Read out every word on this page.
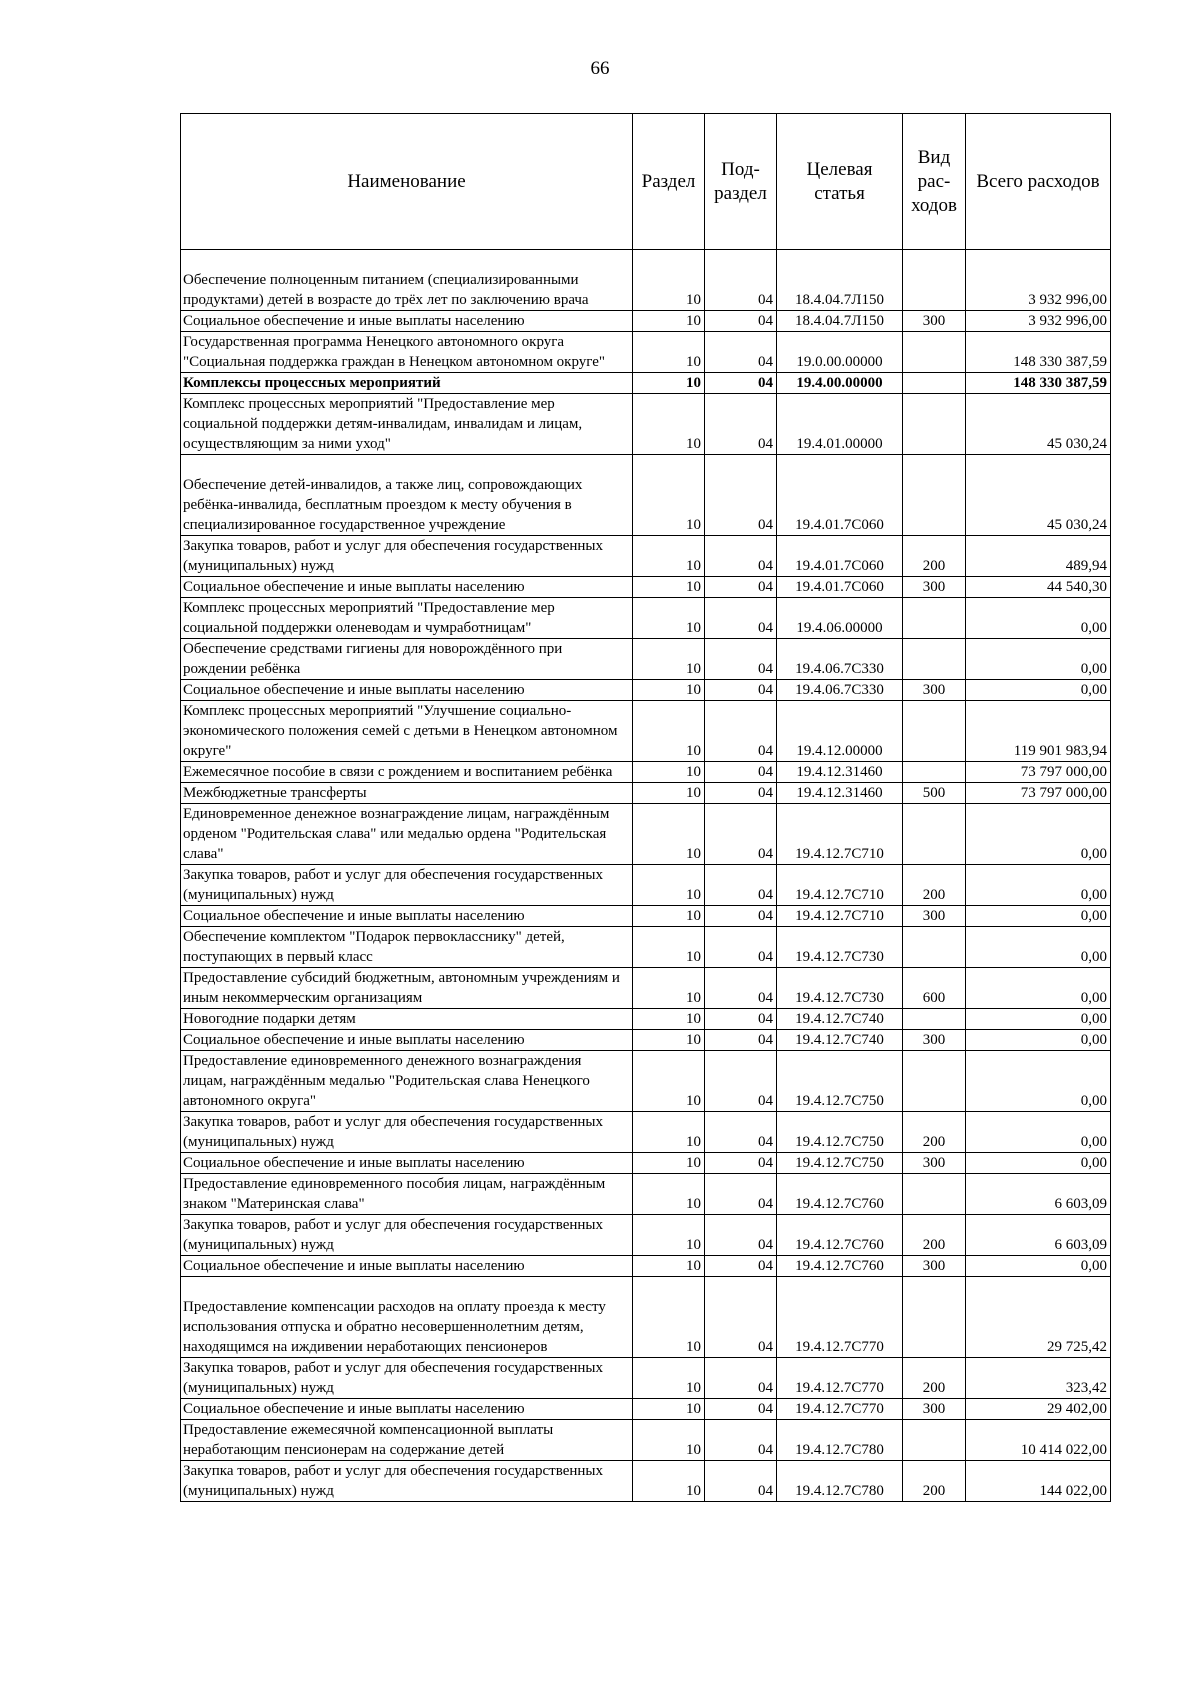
66
Наименование	Раздел	Под-раздел	Целевая статья	Вид рас-ходов	Всего расходов
Обеспечение полноценным питанием (специализированными продуктами) детей в возрасте до трёх лет по заключению врача	10	04	18.4.04.7Л150		3 932 996,00
Социальное обеспечение и иные выплаты населению	10	04	18.4.04.7Л150	300	3 932 996,00
Государственная программа Ненецкого автономного округа "Социальная поддержка граждан в Ненецком автономном округе"	10	04	19.0.00.00000		148 330 387,59
Комплексы процессных мероприятий	10	04	19.4.00.00000		148 330 387,59
Комплекс процессных мероприятий "Предоставление мер социальной поддержки детям-инвалидам, инвалидам и лицам, осуществляющим за ними уход"	10	04	19.4.01.00000		45 030,24
Обеспечение детей-инвалидов, а также лиц, сопровождающих ребёнка-инвалида, бесплатным проездом к месту обучения в специализированное государственное учреждение	10	04	19.4.01.7С060		45 030,24
Закупка товаров, работ и услуг для обеспечения государственных (муниципальных) нужд	10	04	19.4.01.7С060	200	489,94
Социальное обеспечение и иные выплаты населению	10	04	19.4.01.7С060	300	44 540,30
Комплекс процессных мероприятий "Предоставление мер социальной поддержки оленеводам и чумработницам"	10	04	19.4.06.00000		0,00
Обеспечение средствами гигиены для новорождённого при рождении ребёнка	10	04	19.4.06.7С330		0,00
Социальное обеспечение и иные выплаты населению	10	04	19.4.06.7С330	300	0,00
Комплекс процессных мероприятий "Улучшение социально-экономического положения семей с детьми в Ненецком автономном округе"	10	04	19.4.12.00000		119 901 983,94
Ежемесячное пособие в связи с рождением и воспитанием ребёнка	10	04	19.4.12.31460		73 797 000,00
Межбюджетные трансферты	10	04	19.4.12.31460	500	73 797 000,00
Единовременное денежное вознаграждение лицам, награждённым орденом "Родительская слава" или медалью ордена "Родительская слава"	10	04	19.4.12.7С710		0,00
Закупка товаров, работ и услуг для обеспечения государственных (муниципальных) нужд	10	04	19.4.12.7С710	200	0,00
Социальное обеспечение и иные выплаты населению	10	04	19.4.12.7С710	300	0,00
Обеспечение комплектом "Подарок первокласснику" детей, поступающих в первый класс	10	04	19.4.12.7С730		0,00
Предоставление субсидий бюджетным, автономным учреждениям и иным некоммерческим организациям	10	04	19.4.12.7С730	600	0,00
Новогодние подарки детям	10	04	19.4.12.7С740		0,00
Социальное обеспечение и иные выплаты населению	10	04	19.4.12.7С740	300	0,00
Предоставление единовременного денежного вознаграждения лицам, награждённым медалью "Родительская слава Ненецкого автономного округа"	10	04	19.4.12.7С750		0,00
Закупка товаров, работ и услуг для обеспечения государственных (муниципальных) нужд	10	04	19.4.12.7С750	200	0,00
Социальное обеспечение и иные выплаты населению	10	04	19.4.12.7С750	300	0,00
Предоставление единовременного пособия лицам, награждённым знаком "Материнская слава"	10	04	19.4.12.7С760		6 603,09
Закупка товаров, работ и услуг для обеспечения государственных (муниципальных) нужд	10	04	19.4.12.7С760	200	6 603,09
Социальное обеспечение и иные выплаты населению	10	04	19.4.12.7С760	300	0,00
Предоставление компенсации расходов на оплату проезда к месту использования отпуска и обратно несовершеннолетним детям, находящимся на иждивении неработающих пенсионеров	10	04	19.4.12.7С770		29 725,42
Закупка товаров, работ и услуг для обеспечения государственных (муниципальных) нужд	10	04	19.4.12.7С770	200	323,42
Социальное обеспечение и иные выплаты населению	10	04	19.4.12.7С770	300	29 402,00
Предоставление ежемесячной компенсационной выплаты неработающим пенсионерам на содержание детей	10	04	19.4.12.7С780		10 414 022,00
Закупка товаров, работ и услуг для обеспечения государственных (муниципальных) нужд	10	04	19.4.12.7С780	200	144 022,00
